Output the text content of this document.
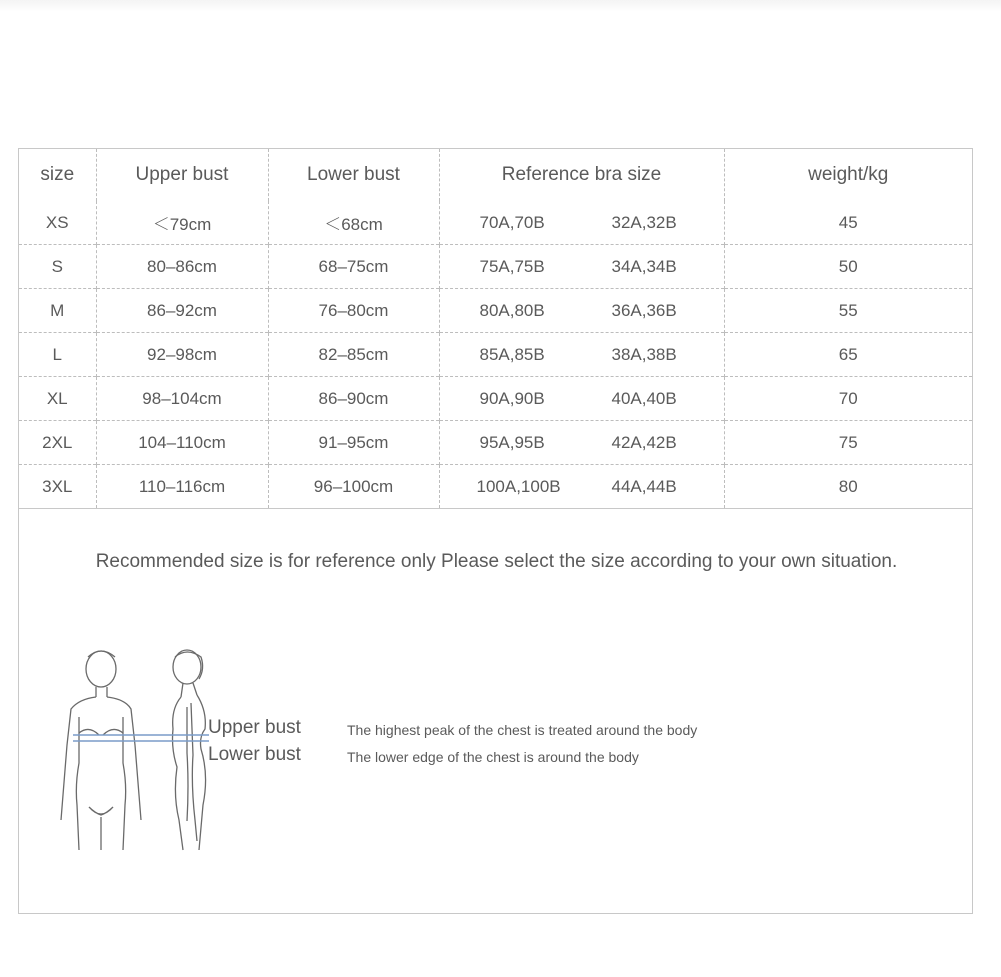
size	Upper bust	Lower bust	Reference bra size	weight/kg
XS	＜79cm	＜68cm	70A,70B 32A,32B	45
S	80–86cm	68–75cm	75A,75B 34A,34B	50
M	86–92cm	76–80cm	80A,80B 36A,36B	55
L	92–98cm	82–85cm	85A,85B 38A,38B	65
XL	98–104cm	86–90cm	90A,90B 40A,40B	70
2XL	104–110cm	91–95cm	95A,95B 42A,42B	75
3XL	110–116cm	96–100cm	100A,100B 44A,44B	80
Recommended size is for reference only Please select the size according to your own situation.
Upper bust
Lower bust
The highest peak of the chest is treated around the body
The lower edge of the chest is around the body
